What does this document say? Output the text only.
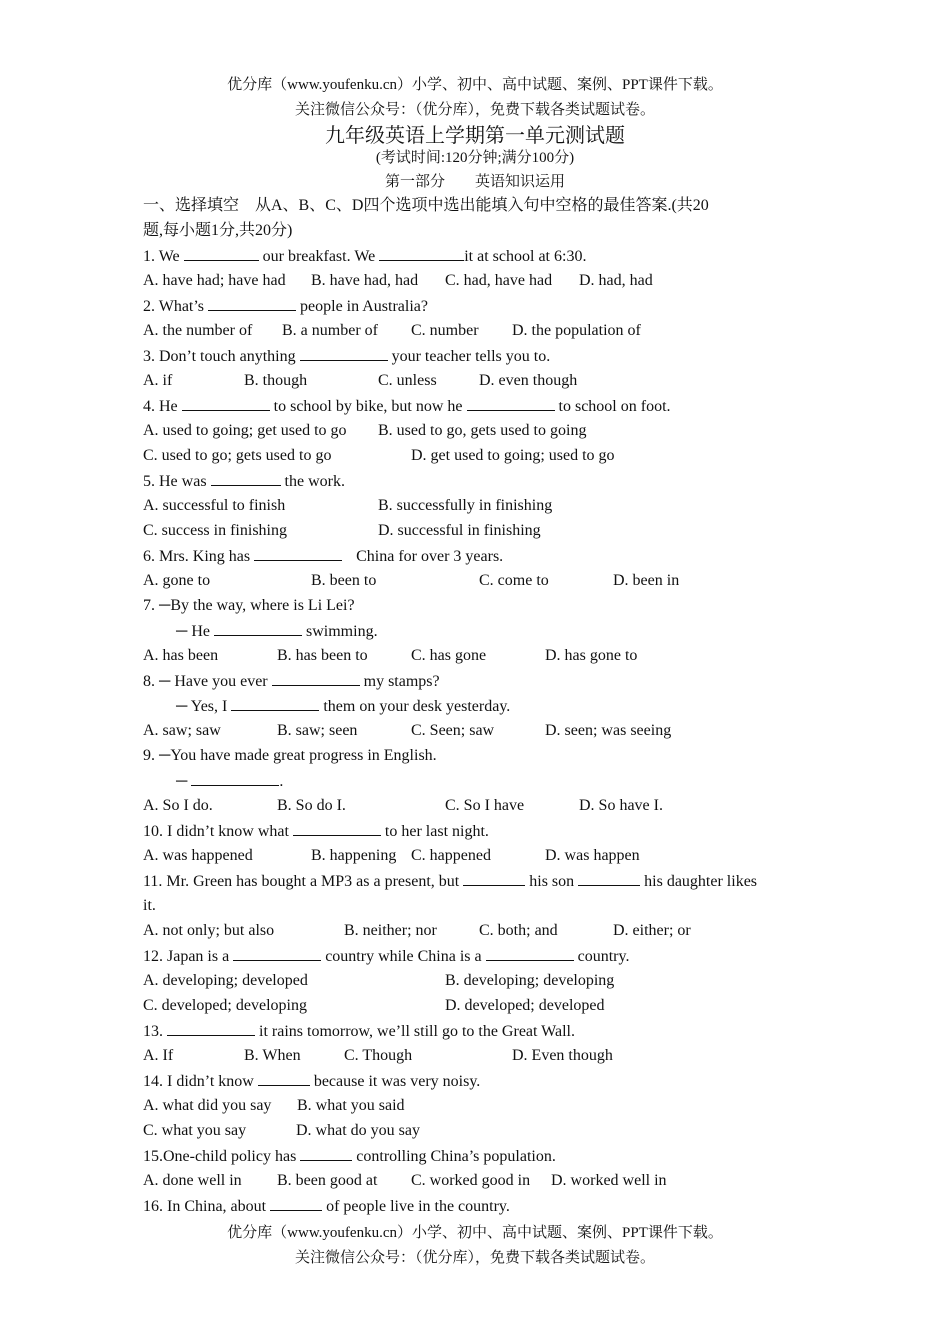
优分库（www.youfenku.cn）小学、初中、高中试题、案例、PPT课件下载。
关注微信公众号：（优分库），免费下载各类试题试卷。
九年级英语上学期第一单元测试题
(考试时间:120分钟;满分100分)
第一部分 英语知识运用
一、选择填空　从A、B、C、D四个选项中选出能填入句中空格的最佳答案.(共20
题,每小题1分,共20分)
1. We	our breakfast. We	it at school at 6:30.
A. have had; have had B. have had, had C. had, have had D. had, had
2. What’s	people in Australia?
A. the number of B. a number of C. number D. the population of
3. Don’t touch anything	your teacher tells you to.
A. if	B. though	C. unless	D. even though
4. He	to school by bike, but now he	to school on foot.
A. used to going; get used to go B. used to go, gets used to going
C. used to go; gets used to go	D. get used to going; used to go
5. He was	the work.
A. successful to finish	B. successfully in finishing
C. success in finishing	D. successful in finishing
6. Mrs. King has	China for over 3 years.
A. gone to	B. been to	C. come to	D. been in
7. ─By the way, where is Li Lei?
─ He	swimming.
A. has been	B. has been to	C. has gone	D. has gone to
8. ─ Have you ever	my stamps?
─ Yes, I	them on your desk yesterday.
A. saw; saw	B. saw; seen	C. Seen; saw	D. seen; was seeing
9. ─You have made great progress in English.
─	.
A. So I do.	B. So do I.	C. So I have	D. So have I.
10. I didn’t know what	to her last night.
A. was happened	B. happening C. happened	D. was happen
11. Mr. Green has bought a MP3 as a present, but	his son	his daughter likes
it.
A. not only; but also	B. neither; nor	C. both; and	D. either; or
12. Japan is a	country while China is a	country.
A. developing; developed	B. developing; developing
C. developed; developing	D. developed; developed
13.	it rains tomorrow, we’ll still go to the Great Wall.
A. If	B. When	C. Though	D. Even though
14. I didn’t know	because it was very noisy.
A. what did you say B. what you said
C. what you say	D. what do you say
15.One-child policy has	controlling China’s population.
A. done well in B. been good at C. worked good in D. worked well in
16. In China, about	of people live in the country.
优分库（www.youfenku.cn）小学、初中、高中试题、案例、PPT课件下载。
关注微信公众号：（优分库），免费下载各类试题试卷。
